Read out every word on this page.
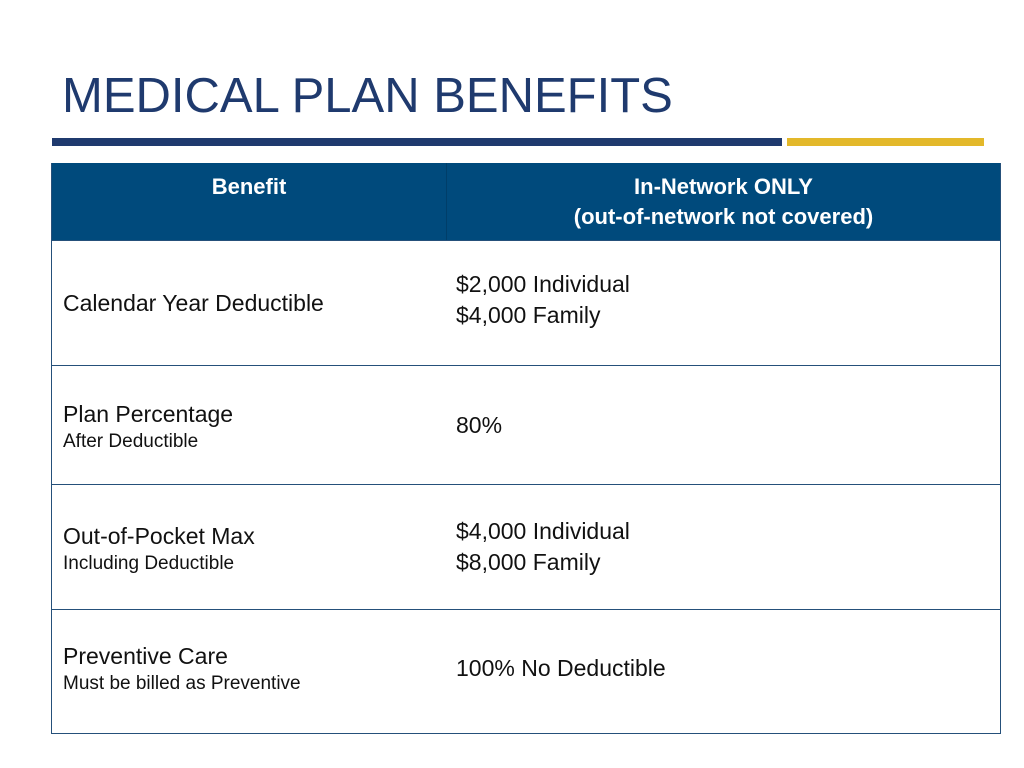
MEDICAL PLAN BENEFITS
Benefit	In-Network ONLY
(out-of-network not covered)
Calendar Year Deductible
$2,000 Individual
$4,000 Family
Plan Percentage
After Deductible
80%
Out-of-Pocket Max
Including Deductible
$4,000 Individual
$8,000 Family
Preventive Care
Must be billed as Preventive
100% No Deductible
